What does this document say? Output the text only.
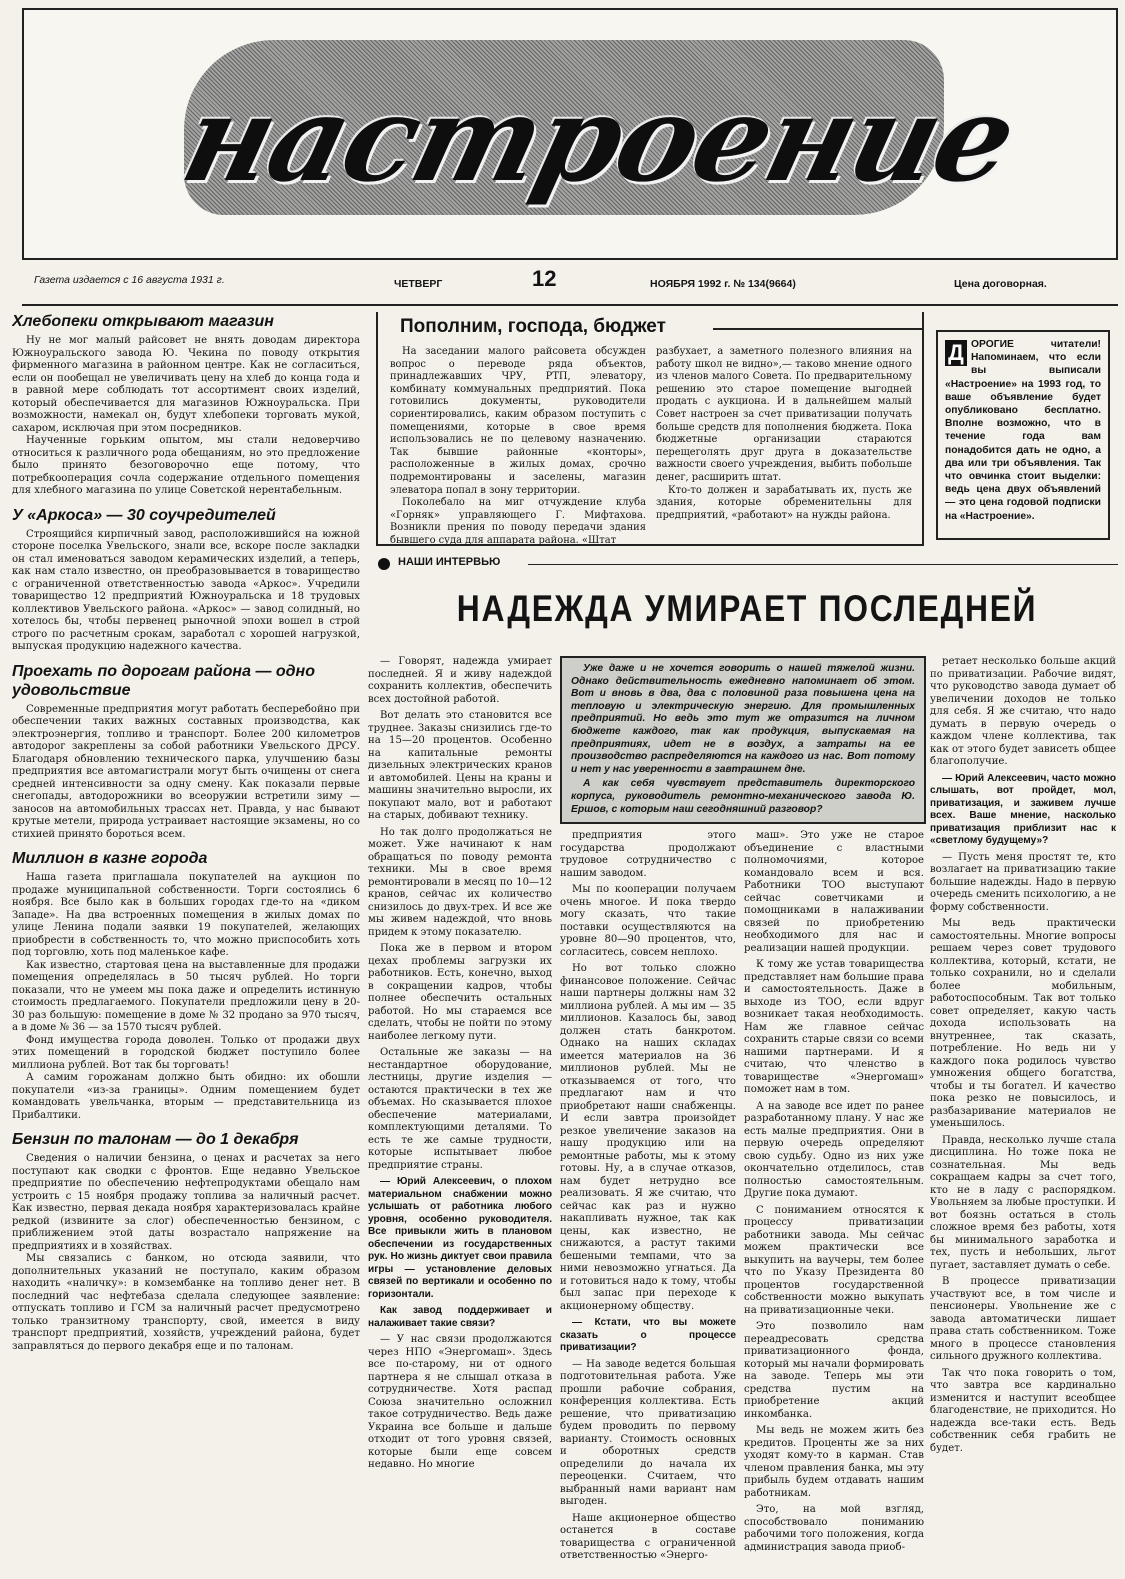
настроение
Газета издается с 16 августа 1931 г.	ЧЕТВЕРГ	12	НОЯБРЯ 1992 г. № 134(9664)	Цена договорная.
Хлебопеки открывают магазин

Ну не мог малый райсовет не внять доводам директора Южноуральского завода Ю. Чекина по поводу открытия фирменного магазина в районном центре. Как не согласиться, если он пообещал не увеличивать цену на хлеб до конца года и в равной мере соблюдать тот ассортимент своих изделий, который обеспечивается для магазинов Южноуральска. При возможности, намекал он, будут хлебопеки торговать мукой, сахаром, исключая при этом посредников.

Наученные горьким опытом, мы стали недоверчиво относиться к различного рода обещаниям, но это предложение было принято безоговорочно еще потому, что потребкооперация сочла содержание отдельного помещения для хлебного магазина по улице Советской нерентабельным.

У «Аркоса» — 30 соучредителей

Строящийся кирпичный завод, расположившийся на южной стороне поселка Увельского, знали все, вскоре после закладки он стал именоваться заводом керамических изделий, а теперь, как нам стало известно, он преобразовывается в товарищество с ограниченной ответственностью завода «Аркос». Учредили товарищество 12 предприятий Южноуральска и 18 трудовых коллективов Увельского района. «Аркос» — завод солидный, но хотелось бы, чтобы первенец рыночной эпохи вошел в строй строго по расчетным срокам, заработал с хорошей нагрузкой, выпуская продукцию надежного качества.

Проехать по дорогам района — одно удовольствие

Современные предприятия могут работать бесперебойно при обеспечении таких важных составных производства, как электроэнергия, топливо и транспорт. Более 200 километров автодорог закреплены за собой работники Увельского ДРСУ. Благодаря обновлению технического парка, улучшению базы предприятия все автомагистрали могут быть очищены от снега средней интенсивности за одну смену. Как показали первые снегопады, автодорожники во всеоружии встретили зиму — заносов на автомобильных трассах нет. Правда, у нас бывают крутые метели, природа устраивает настоящие экзамены, но со стихией принято бороться всем.

Миллион в казне города

Наша газета приглашала покупателей на аукцион по продаже муниципальной собственности. Торги состоялись 6 ноября. Все было как в больших городах где-то на «диком Западе». На два встроенных помещения в жилых домах по улице Ленина подали заявки 19 покупателей, желающих приобрести в собственность то, что можно приспособить хоть под торговлю, хоть под маленькое кафе.

Как известно, стартовая цена на выставленные для продажи помещения определялась в 50 тысяч рублей. Но торги показали, что не умеем мы пока даже и определить истинную стоимость предлагаемого. Покупатели предложили цену в 20-30 раз большую: помещение в доме № 32 продано за 970 тысяч, а в доме № 36 — за 1570 тысяч рублей.

Фонд имущества города доволен. Только от продажи двух этих помещений в городской бюджет поступило более миллиона рублей. Вот так бы торговать!

А самим горожанам должно быть обидно: их обошли покупатели «из-за границы». Одним помещением будет командовать увельчанка, вторым — представительница из Прибалтики.

Бензин по талонам — до 1 декабря

Сведения о наличии бензина, о ценах и расчетах за него поступают как сводки с фронтов. Еще недавно Увельское предприятие по обеспечению нефтепродуктами обещало нам устроить с 15 ноября продажу топлива за наличный расчет. Как известно, первая декада ноября характеризовалась крайне редкой (извините за слог) обеспеченностью бензином, с приближением этой даты возрастало напряжение на предприятиях и в хозяйствах.

Мы связались с банком, но отсюда заявили, что дополнительных указаний не поступало, каким образом находить «наличку»: в комзембанке на топливо денег нет. В последний час нефтебаза сделала следующее заявление: отпускать топливо и ГСМ за наличный расчет предусмотрено только транзитному транспорту, свой, имеется в виду транспорт предприятий, хозяйств, учреждений района, будет заправляться до первого декабря еще и по талонам.

Пополним, господа, бюджет

На заседании малого райсовета обсужден вопрос о переводе ряда объектов, принадлежавших ЧРУ, РТП, элеватору, комбинату коммунальных предприятий. Пока готовились документы, руководители сориентировались, каким образом поступить с помещениями, которые в свое время использовались не по целевому назначению. Так бывшие районные «конторы», расположенные в жилых домах, срочно подремонтированы и заселены, магазин элеватора попал в зону территории.

Поколебало на миг отчуждение клуба «Горняк» управляющего Г. Мифтахова. Возникли прения по поводу передачи здания бывшего суда для аппарата района. «Штат

разбухает, а заметного полезного влияния на работу школ не видно»,— таково мнение одного из членов малого Совета. По предварительному решению это старое помещение выгодней продать с аукциона. И в дальнейшем малый Совет настроен за счет приватизации получать больше средств для пополнения бюджета. Пока бюджетные организации стараются перещеголять друг друга в доказательстве важности своего учреждения, выбить побольше денег, расширить штат.

Кто-то должен и зарабатывать их, пусть же здания, которые обременительны для предприятий, «работают» на нужды района.

Д ОРОГИЕ читатели! Напоминаем, что если вы выписали «Настроение» на 1993 год, то ваше объявление будет опубликовано бесплатно. Вполне возможно, что в течение года вам понадобится дать не одно, а два или три объявления. Так что овчинка стоит выделки: ведь цена двух объявлений — это цена годовой подписки на «Настроение».
НАШИ ИНТЕРВЬЮ
НАДЕЖДА УМИРАЕТ ПОСЛЕДНЕЙ

Уже даже и не хочется говорить о нашей тяжелой жизни. Однако действительность ежедневно напоминает об этом. Вот и вновь в два, два с половиной раза повышена цена на тепловую и электрическую энергию. Для промышленных предприятий. Но ведь это тут же отразится на личном бюджете каждого, так как продукция, выпускаемая на предприятиях, идет не в воздух, а затраты на ее производство распределяются на каждого из нас. Вот потому и нет у нас уверенности в завтрашнем дне.

А как себя чувствует представитель директорского корпуса, руководитель ремонтно-механического завода Ю. Ершов, с которым наш сегодняшний разговор?

— Говорят, надежда умирает последней. Я и живу надеждой сохранить коллектив, обеспечить всех достойной работой.

Вот делать это становится все труднее. Заказы снизились где-то на 15—20 процентов. Особенно на капитальные ремонты дизельных электрических кранов и автомобилей. Цены на краны и машины значительно выросли, их покупают мало, вот и работают на старых, добивают технику.

Но так долго продолжаться не может. Уже начинают к нам обращаться по поводу ремонта техники. Мы в свое время ремонтировали в месяц по 10—12 кранов, сейчас их количество снизилось до двух-трех. И все же мы живем надеждой, что вновь придем к этому показателю.

Пока же в первом и втором цехах проблемы загрузки их работников. Есть, конечно, выход в сокращении кадров, чтобы полнее обеспечить остальных работой. Но мы стараемся все сделать, чтобы не пойти по этому наиболее легкому пути.

Остальные же заказы — на нестандартное оборудование, лестницы, другие изделия — остаются практически в тех же объемах. Но сказывается плохое обеспечение материалами, комплектующими деталями. То есть те же самые трудности, которые испытывает любое предприятие страны.

— Юрий Алексеевич, о плохом материальном снабжении можно услышать от работника любого уровня, особенно руководителя. Все привыкли жить в плановом обеспечении из государственных рук. Но жизнь диктует свои правила игры — установление деловых связей по вертикали и особенно по горизонтали.

Как завод поддерживает и налаживает такие связи?

— У нас связи продолжаются через НПО «Энергомаш». Здесь все по-старому, ни от одного партнера я не слышал отказа в сотрудничестве. Хотя распад Союза значительно осложнил такое сотрудничество. Ведь даже Украина все больше и дальше отходит от того уровня связей, которые были еще совсем недавно. Но многие

предприятия этого государства продолжают трудовое сотрудничество с нашим заводом.

Мы по кооперации получаем очень многое. И пока твердо могу сказать, что такие поставки осуществляются на уровне 80—90 процентов, что, согласитесь, совсем неплохо.

Но вот только сложно финансовое положение. Сейчас наши партнеры должны нам 32 миллиона рублей. А мы им — 35 миллионов. Казалось бы, завод должен стать банкротом. Однако на наших складах имеется материалов на 36 миллионов рублей. Мы не отказываемся от того, что предлагают нам и что приобретают наши снабженцы. И если завтра произойдет резкое увеличение заказов на нашу продукцию или на ремонтные работы, мы к этому готовы. Ну, а в случае отказов, нам будет нетрудно все реализовать. Я же считаю, что сейчас как раз и нужно накапливать нужное, так как цены, как известно, не снижаются, а растут такими бешеными темпами, что за ними невозможно угнаться. Да и готовиться надо к тому, чтобы был запас при переходе к акционерному обществу.

— Кстати, что вы можете сказать о процессе приватизации?

— На заводе ведется большая подготовительная работа. Уже прошли рабочие собрания, конференция коллектива. Есть решение, что приватизацию будем проводить по первому варианту. Стоимость основных и оборотных средств определили до начала их переоценки. Считаем, что выбранный нами вариант нам выгоден.

Наше акционерное общество останется в составе товарищества с ограниченной ответственностью «Энерго-

маш». Это уже не старое объединение с властными полномочиями, которое командовало всем и вся. Работники ТОО выступают сейчас советчиками и помощниками в налаживании связей по приобретению необходимого для нас и реализации нашей продукции.

К тому же устав товарищества представляет нам большие права и самостоятельность. Даже в выходе из ТОО, если вдруг возникает такая необходимость. Нам же главное сейчас сохранить старые связи со всеми нашими партнерами. И я считаю, что членство в товариществе «Энергомаш» поможет нам в том.

А на заводе все идет по ранее разработанному плану. У нас же есть малые предприятия. Они в первую очередь определяют свою судьбу. Одно из них уже окончательно отделилось, став полностью самостоятельным. Другие пока думают.

С пониманием относятся к процессу приватизации работники завода. Мы сейчас можем практически все выкупить на ваучеры, тем более что по Указу Президента 80 процентов государственной собственности можно выкупать на приватизационные чеки.

Это позволило нам переадресовать средства приватизационного фонда, который мы начали формировать на заводе. Теперь мы эти средства пустим на приобретение акций инкомбанка.

Мы ведь не можем жить без кредитов. Проценты же за них уходят кому-то в карман. Став членом правления банка, мы эту прибыль будем отдавать нашим работникам.

Это, на мой взгляд, способствовало пониманию рабочими того положения, когда администрация завода приоб-

ретает несколько больше акций по приватизации. Рабочие видят, что руководство завода думает об увеличении доходов не только для себя. Я же считаю, что надо думать в первую очередь о каждом члене коллектива, так как от этого будет зависеть общее благополучие.

— Юрий Алексеевич, часто можно слышать, вот пройдет, мол, приватизация, и заживем лучше всех. Ваше мнение, насколько приватизация приблизит нас к «светлому будущему»?

— Пусть меня простят те, кто возлагает на приватизацию такие большие надежды. Надо в первую очередь сменить психологию, а не форму собственности.

Мы ведь практически самостоятельны. Многие вопросы решаем через совет трудового коллектива, который, кстати, не только сохранили, но и сделали более мобильным, работоспособным. Так вот только совет определяет, какую часть дохода использовать на внутреннее, так сказать, потребление. Но ведь ни у каждого пока родилось чувство умножения общего богатства, чтобы и ты богател. И качество пока резко не повысилось, и разбазаривание материалов не уменьшилось.

Правда, несколько лучше стала дисциплина. Но тоже пока не сознательная. Мы ведь сокращаем кадры за счет того, кто не в ладу с распорядком. Увольняем за любые проступки. И вот боязнь остаться в столь сложное время без работы, хотя бы минимального заработка и тех, пусть и небольших, льгот пугает, заставляет думать о себе.

В процессе приватизации участвуют все, в том числе и пенсионеры. Увольнение же с завода автоматически лишает права стать собственником. Тоже много в процессе становления сильного дружного коллектива.

Так что пока говорить о том, что завтра все кардинально изменится и наступит всеобщее благоденствие, не приходится. Но надежда все-таки есть. Ведь собственник себя грабить не будет.
